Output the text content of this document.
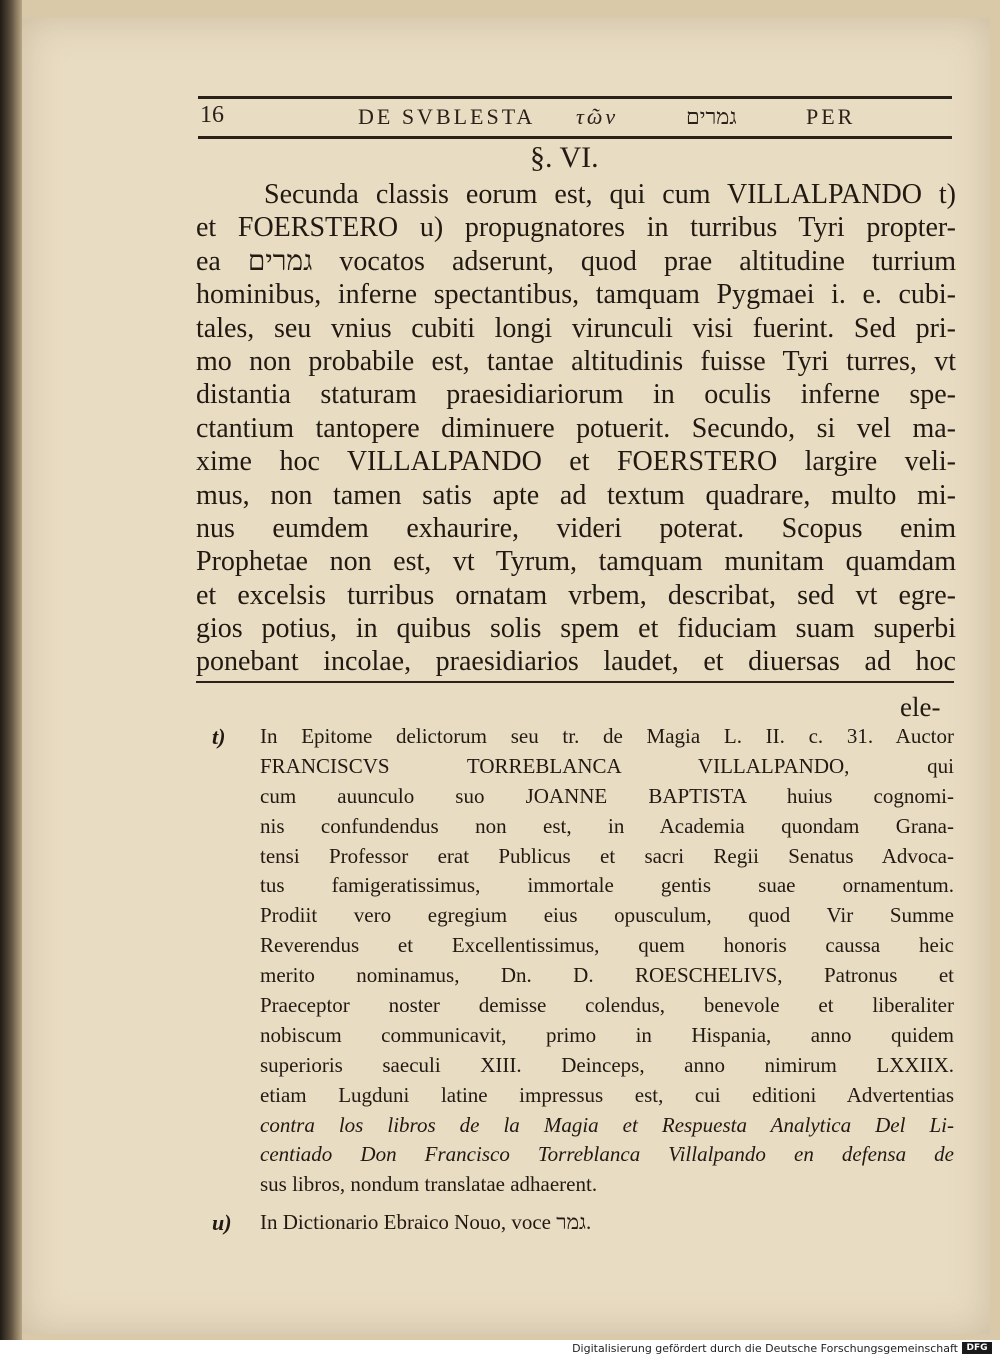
16	DE SVBLESTA τῶν	גמרים	PER
§. VI.
Secunda classis eorum est, qui cum VILLALPANDO t)
et FOERSTERO u) propugnatores in turribus Tyri propter-
ea גמרים vocatos adserunt, quod prae altitudine turrium
hominibus, inferne spectantibus, tamquam Pygmaei i. e. cubi-
tales, seu vnius cubiti longi virunculi visi fuerint. Sed pri-
mo non probabile est, tantae altitudinis fuisse Tyri turres, vt
distantia staturam praesidiariorum in oculis inferne spe-
ctantium tantopere diminuere potuerit. Secundo, si vel ma-
xime hoc VILLALPANDO et FOERSTERO largire veli-
mus, non tamen satis apte ad textum quadrare, multo mi-
nus eumdem exhaurire, videri poterat. Scopus enim
Prophetae non est, vt Tyrum, tamquam munitam quamdam
et excelsis turribus ornatam vrbem, describat, sed vt egre-
gios potius, in quibus solis spem et fiduciam suam superbi
ponebant incolae, praesidiarios laudet, et diuersas ad hoc
ele-
t) In Epitome delictorum seu tr. de Magia L. II. c. 31. Auctor
FRANCISCVS TORREBLANCA VILLALPANDO, qui
cum auunculo suo JOANNE BAPTISTA huius cognomi-
nis confundendus non est, in Academia quondam Grana-
tensi Professor erat Publicus et sacri Regii Senatus Advoca-
tus famigeratissimus, immortale gentis suae ornamentum.
Prodiit vero egregium eius opusculum, quod Vir Summe
Reverendus et Excellentissimus, quem honoris caussa heic
merito nominamus, Dn. D. ROESCHELIVS, Patronus et
Praeceptor noster demisse colendus, benevole et liberaliter
nobiscum communicavit, primo in Hispania, anno quidem
superioris saeculi XIII. Deinceps, anno nimirum LXXIIX.
etiam Lugduni latine impressus est, cui editioni Advertentias
contra los libros de la Magia et Respuesta Analytica Del Li-
centiado Don Francisco Torreblanca Villalpando en defensa de
sus libros, nondum translatae adhaerent.
u) In Dictionario Ebraico Nouo, voce גמר.
Digitalisierung gefördert durch die Deutsche Forschungsgemeinschaft DFG
